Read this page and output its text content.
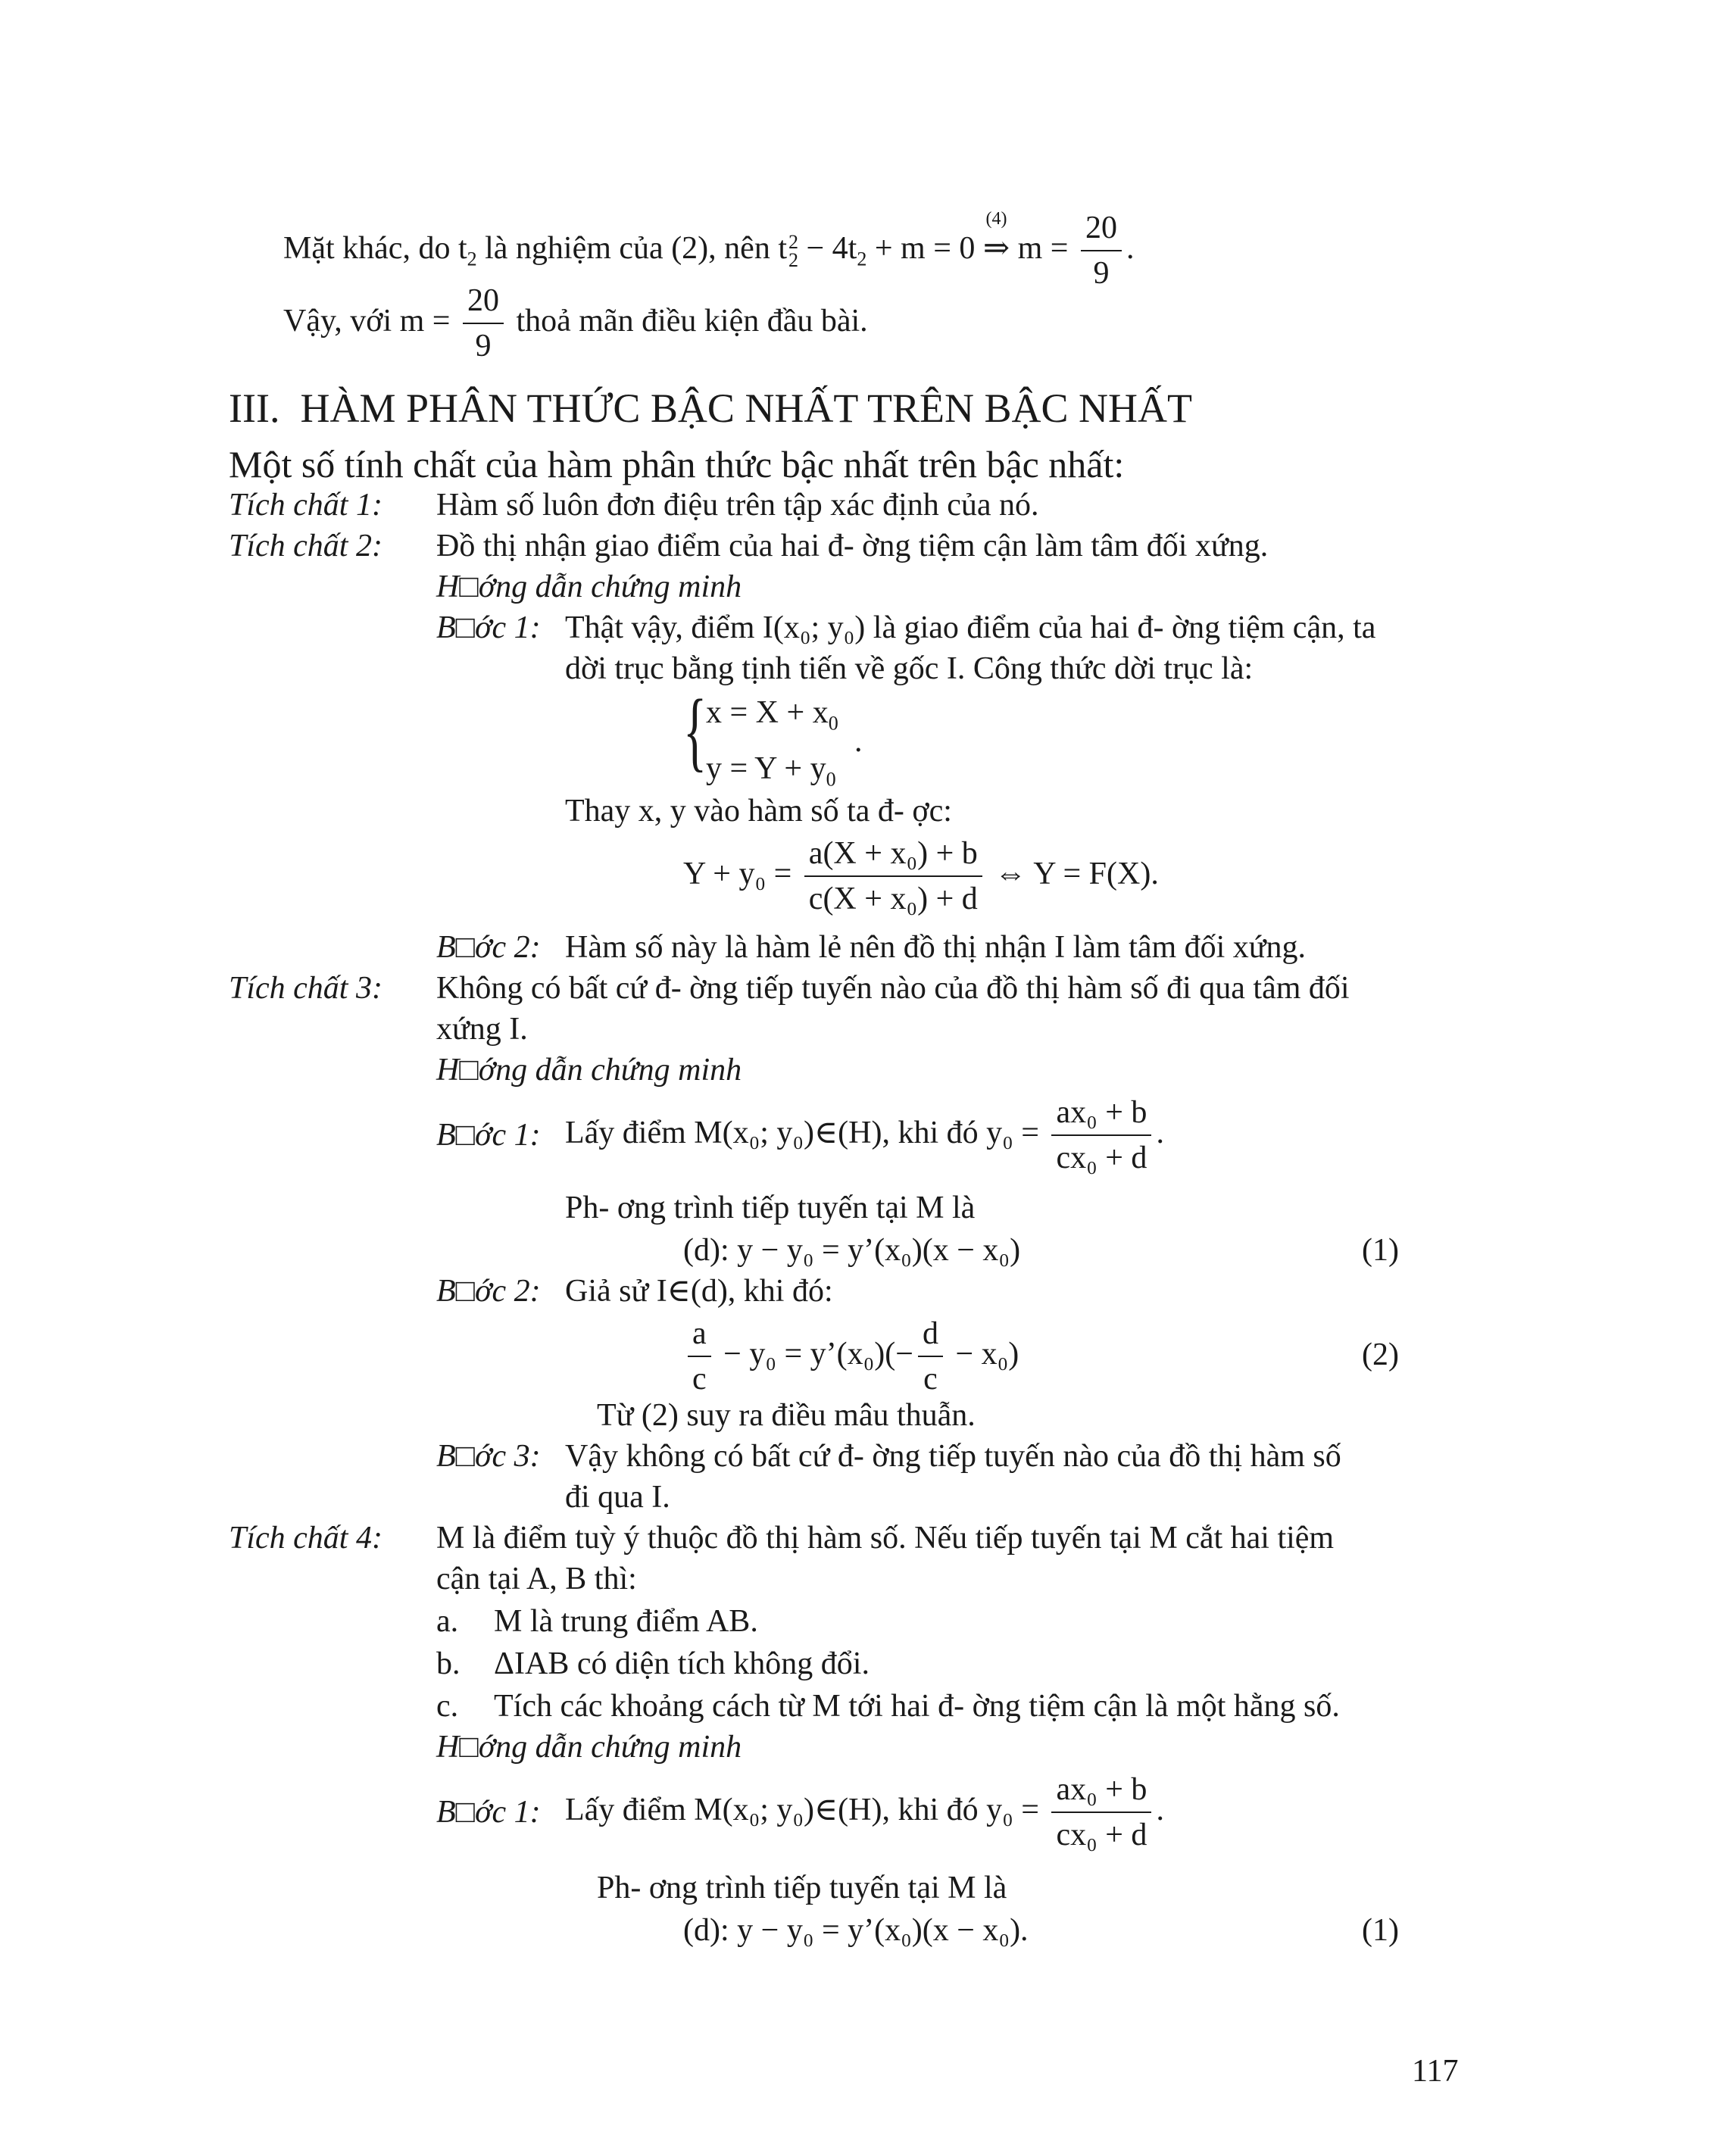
Mặt khác, do $t_2$ là nghiệm của (2), nên t 2
$2 - 4t_2 + m = 0$
(4)
⇒ $m = \frac{20}{9}$ .
Vậy, với $m = \frac{20}{9}$ thoả mãn điều kiện đầu bài.
III. HÀM PHÂN THỨC BẬC NHẤT TRÊN BẬC NHẤT
Một số tính chất của hàm phân thức bậc nhất trên bậc nhất:
Tích chất 1: Hàm số luôn đơn điệu trên tập xác định của nó.
Tích chất 2: Đồ thị nhận giao điểm của hai đ- ờng tiệm cận làm tâm đối xứng.
H□ớng dẫn chứng minh
B□ớc 1: Thật vậy, điểm I(x₀; y₀) là giao điểm của hai đ- ờng tiệm cận, ta
dời trục bằng tịnh tiến về gốc I. Công thức dời trục là:
{
$x = X + x_0$
$y = Y + y_0$
.
Thay x, y vào hàm số ta đ- ợc:
$Y + y_0 = \frac{\text{a(X + x₀) + b}}{\text{c(X + x₀) + d}}$ ⇔ Y = F(X).
B□ớc 2: Hàm số này là hàm lẻ nên đồ thị nhận I làm tâm đối xứng.
Tích chất 3: Không có bất cứ đ- ờng tiếp tuyến nào của đồ thị hàm số đi qua tâm đối
xứng I.
H□ớng dẫn chứng minh
B□ớc 1: Lấy điểm M(x₀; y₀)∈(H), khi đó $y_0 = \frac{\text{ax₀ + b}}{\text{cx₀ + d}}$ .
Ph- ơng trình tiếp tuyến tại M là
(d): y − y₀ = y’(x₀)(x − x₀)	(1)
B□ớc 2: Giả sử I∈(d), khi đó:
$\frac{a}{c} - y_0$ = y’(x₀)(− $\frac{d}{c} - x_0$)	(2)
Từ (2) suy ra điều mâu thuẫn.
B□ớc 3: Vậy không có bất cứ đ- ờng tiếp tuyến nào của đồ thị hàm số
đi qua I.
Tích chất 4: M là điểm tuỳ ý thuộc đồ thị hàm số. Nếu tiếp tuyến tại M cắt hai tiệm
cận tại A, B thì:
a. M là trung điểm AB.
b. ΔIAB có diện tích không đổi.
c. Tích các khoảng cách từ M tới hai đ- ờng tiệm cận là một hằng số.
H□ớng dẫn chứng minh
B□ớc 1: Lấy điểm M(x₀; y₀)∈(H), khi đó $y_0 = \frac{\text{ax₀ + b}}{\text{cx₀ + d}}$ .
Ph- ơng trình tiếp tuyến tại M là
(d): y − y₀ = y’(x₀)(x − x₀).	(1)
117
